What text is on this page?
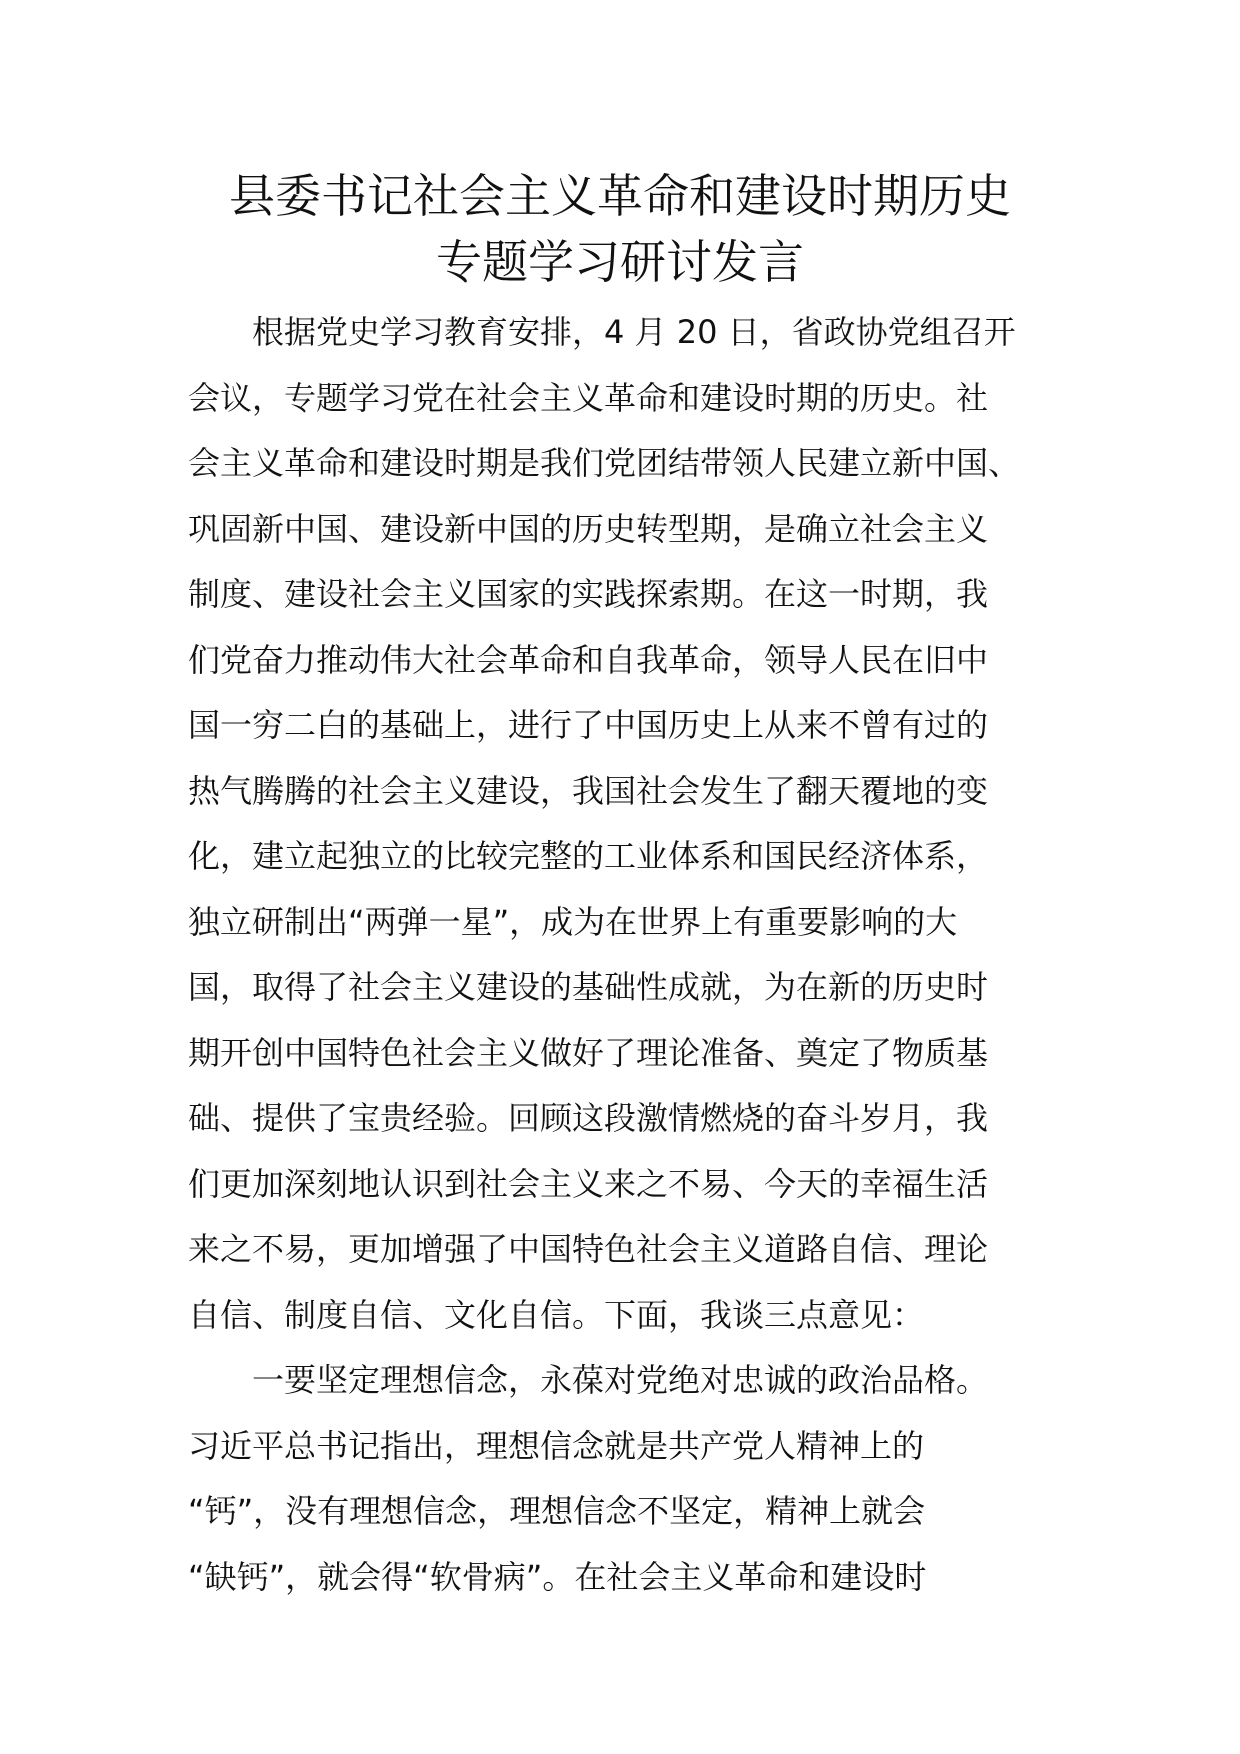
县委书记社会主义革命和建设时期历史
专题学习研讨发言
　　根据党史学习教育安排，4 月 20 日，省政协党组召开
会议，专题学习党在社会主义革命和建设时期的历史。社
会主义革命和建设时期是我们党团结带领人民建立新中国、
巩固新中国、建设新中国的历史转型期，是确立社会主义
制度、建设社会主义国家的实践探索期。在这一时期，我
们党奋力推动伟大社会革命和自我革命，领导人民在旧中
国一穷二白的基础上，进行了中国历史上从来不曾有过的
热气腾腾的社会主义建设，我国社会发生了翻天覆地的变
化，建立起独立的比较完整的工业体系和国民经济体系，
独立研制出“两弹一星”，成为在世界上有重要影响的大
国，取得了社会主义建设的基础性成就，为在新的历史时
期开创中国特色社会主义做好了理论准备、奠定了物质基
础、提供了宝贵经验。回顾这段激情燃烧的奋斗岁月，我
们更加深刻地认识到社会主义来之不易、今天的幸福生活
来之不易，更加增强了中国特色社会主义道路自信、理论
自信、制度自信、文化自信。下面，我谈三点意见：
　　一要坚定理想信念，永葆对党绝对忠诚的政治品格。
习近平总书记指出，理想信念就是共产党人精神上的
“钙”，没有理想信念，理想信念不坚定，精神上就会
“缺钙”，就会得“软骨病”。在社会主义革命和建设时
